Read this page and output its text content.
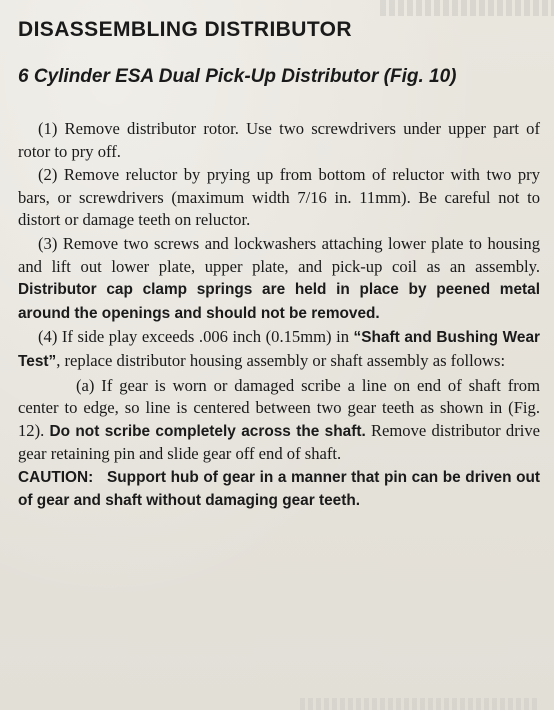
DISASSEMBLING DISTRIBUTOR
6 Cylinder ESA Dual Pick-Up Distributor (Fig. 10)

(1) Remove distributor rotor. Use two screwdrivers under upper part of rotor to pry off.

(2) Remove reluctor by prying up from bottom of reluctor with two pry bars, or screwdrivers (maximum width 7/16 in. 11mm). Be careful not to distort or damage teeth on reluctor.

(3) Remove two screws and lockwashers attaching lower plate to housing and lift out lower plate, upper plate, and pick-up coil as an assembly. Distributor cap clamp springs are held in place by peened metal around the openings and should not be removed.

(4) If side play exceeds .006 inch (0.15mm) in “Shaft and Bushing Wear Test”, replace distributor housing assembly or shaft assembly as follows:

(a) If gear is worn or damaged scribe a line on end of shaft from center to edge, so line is centered between two gear teeth as shown in (Fig. 12). Do not scribe completely across the shaft. Remove distributor drive gear retaining pin and slide gear off end of shaft.

CAUTION: Support hub of gear in a manner that pin can be driven out of gear and shaft without damaging gear teeth.
